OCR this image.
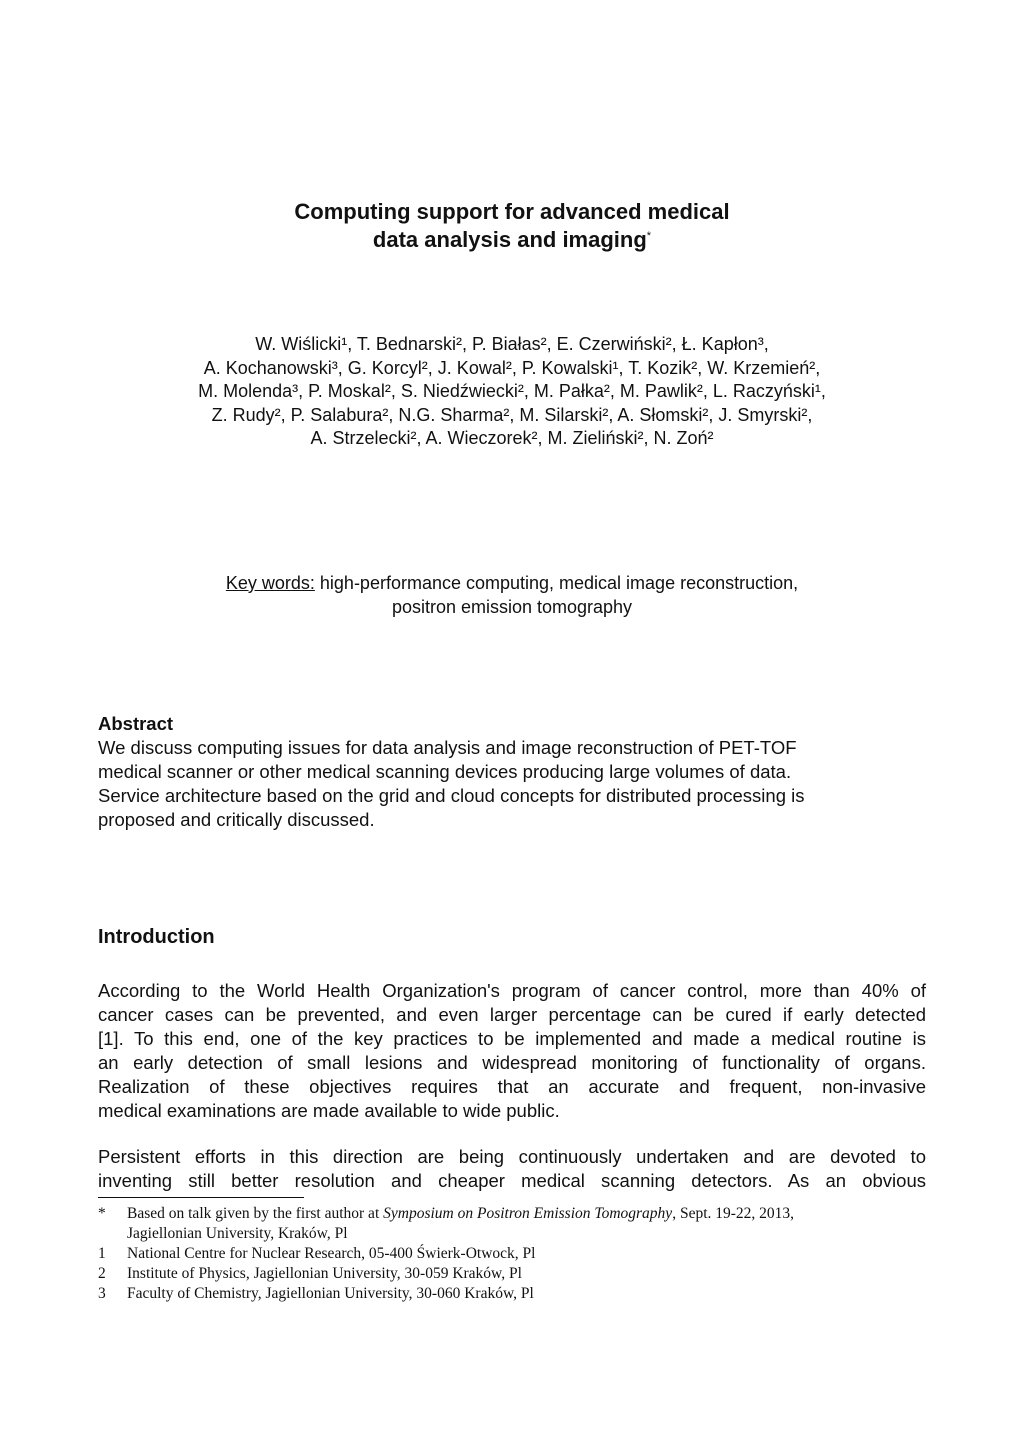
Computing support for advanced medical
data analysis and imaging*
W. Wiślicki¹, T. Bednarski², P. Białas², E. Czerwiński², Ł. Kapłon³,
A. Kochanowski³, G. Korcyl², J. Kowal², P. Kowalski¹, T. Kozik², W. Krzemień²,
M. Molenda³, P. Moskal², S. Niedźwiecki², M. Pałka², M. Pawlik², L. Raczyński¹,
Z. Rudy², P. Salabura², N.G. Sharma², M. Silarski², A. Słomski², J. Smyrski²,
A. Strzelecki², A. Wieczorek², M. Zieliński², N. Zoń²
Key words: high-performance computing, medical image reconstruction,
positron emission tomography
Abstract
We discuss computing issues for data analysis and image reconstruction of PET-TOF
medical scanner or other medical scanning devices producing large volumes of data.
Service architecture based on the grid and cloud concepts for distributed processing is
proposed and critically discussed.
Introduction
According to the World Health Organization's program of cancer control, more than 40% of
cancer cases can be prevented, and even larger percentage can be cured if early detected
[1]. To this end, one of the key practices to be implemented and made a medical routine is
an early detection of small lesions and widespread monitoring of functionality of organs.
Realization of these objectives requires that an accurate and frequent, non-invasive
medical examinations are made available to wide public.
Persistent efforts in this direction are being continuously undertaken and are devoted to
inventing still better resolution and cheaper medical scanning detectors. As an obvious
*	Based on talk given by the first author at Symposium on Positron Emission Tomography, Sept. 19-22, 2013,
Jagiellonian University, Kraków, Pl
1	National Centre for Nuclear Research, 05-400 Świerk-Otwock, Pl
2	Institute of Physics, Jagiellonian University, 30-059 Kraków, Pl
3	Faculty of Chemistry, Jagiellonian University, 30-060 Kraków, Pl
